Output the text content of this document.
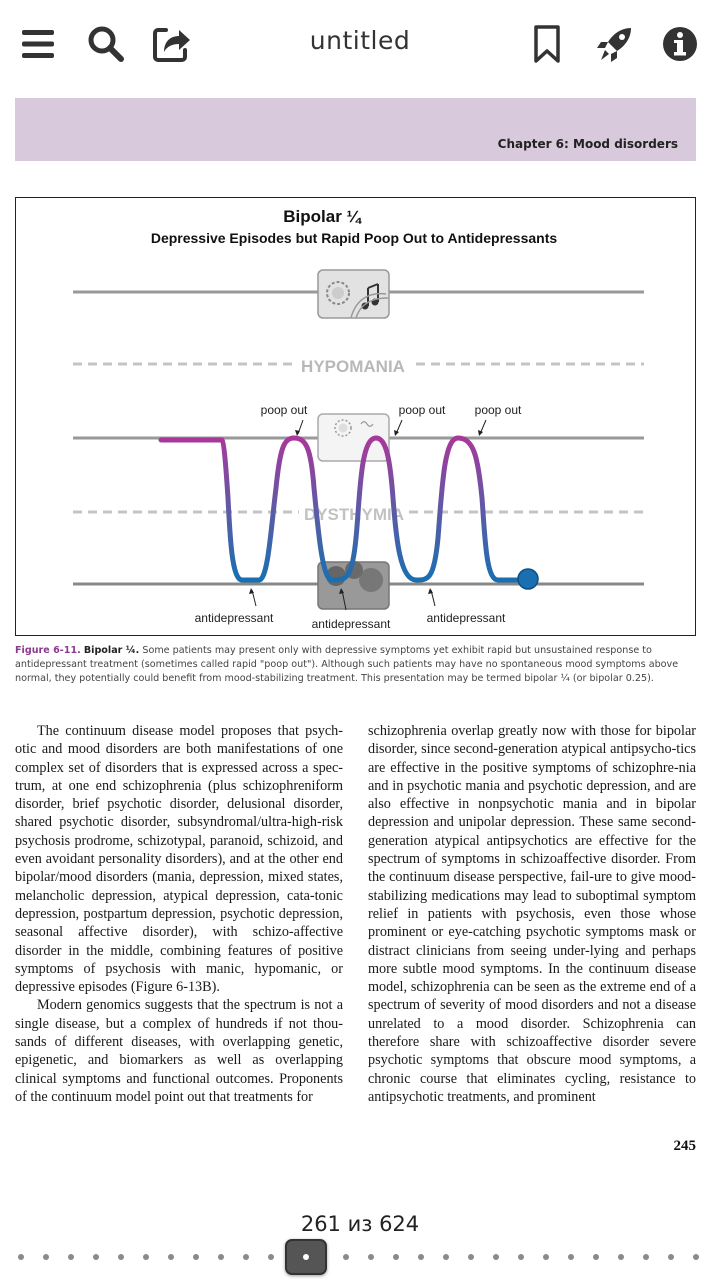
untitled
Chapter 6: Mood disorders
Bipolar ¼
Depressive Episodes but Rapid Poop Out to Antidepressants
HYPOMANIA
DYSTHYMIA
poop out	poop out poop out
antidepressant	antidepressant	antidepressant
Figure 6-11. Bipolar ¼. Some patients may present only with depressive symptoms yet exhibit rapid but unsustained response to antidepressant treatment (sometimes called rapid "poop out"). Although such patients may have no spontaneous mood symptoms above normal, they potentially could benefit from mood-stabilizing treatment. This presentation may be termed bipolar ¼ (or bipolar 0.25).

The continuum disease model proposes that psych-otic and mood disorders are both manifestations of one complex set of disorders that is expressed across a spec-trum, at one end schizophrenia (plus schizophreniform disorder, brief psychotic disorder, delusional disorder, shared psychotic disorder, subsyndromal/ultra-high-risk psychosis prodrome, schizotypal, paranoid, schizoid, and even avoidant personality disorders), and at the other end bipolar/mood disorders (mania, depression, mixed states, melancholic depression, atypical depression, cata-tonic depression, postpartum depression, psychotic depression, seasonal affective disorder), with schizo-affective disorder in the middle, combining features of positive symptoms of psychosis with manic, hypomanic, or depressive episodes (Figure 6-13B).

Modern genomics suggests that the spectrum is not a single disease, but a complex of hundreds if not thou-sands of different diseases, with overlapping genetic, epigenetic, and biomarkers as well as overlapping clinical symptoms and functional outcomes. Proponents of the continuum model point out that treatments for

schizophrenia overlap greatly now with those for bipolar disorder, since second-generation atypical antipsycho-tics are effective in the positive symptoms of schizophre-nia and in psychotic mania and psychotic depression, and are also effective in nonpsychotic mania and in bipolar depression and unipolar depression. These same second-generation atypical antipsychotics are effective for the spectrum of symptoms in schizoaffective disorder. From the continuum disease perspective, fail-ure to give mood-stabilizing medications may lead to suboptimal symptom relief in patients with psychosis, even those whose prominent or eye-catching psychotic symptoms mask or distract clinicians from seeing under-lying and perhaps more subtle mood symptoms. In the continuum disease model, schizophrenia can be seen as the extreme end of a spectrum of severity of mood disorders and not a disease unrelated to a mood disorder. Schizophrenia can therefore share with schizoaffective disorder severe psychotic symptoms that obscure mood symptoms, a chronic course that eliminates cycling, resistance to antipsychotic treatments, and prominent

245
261 из 624
